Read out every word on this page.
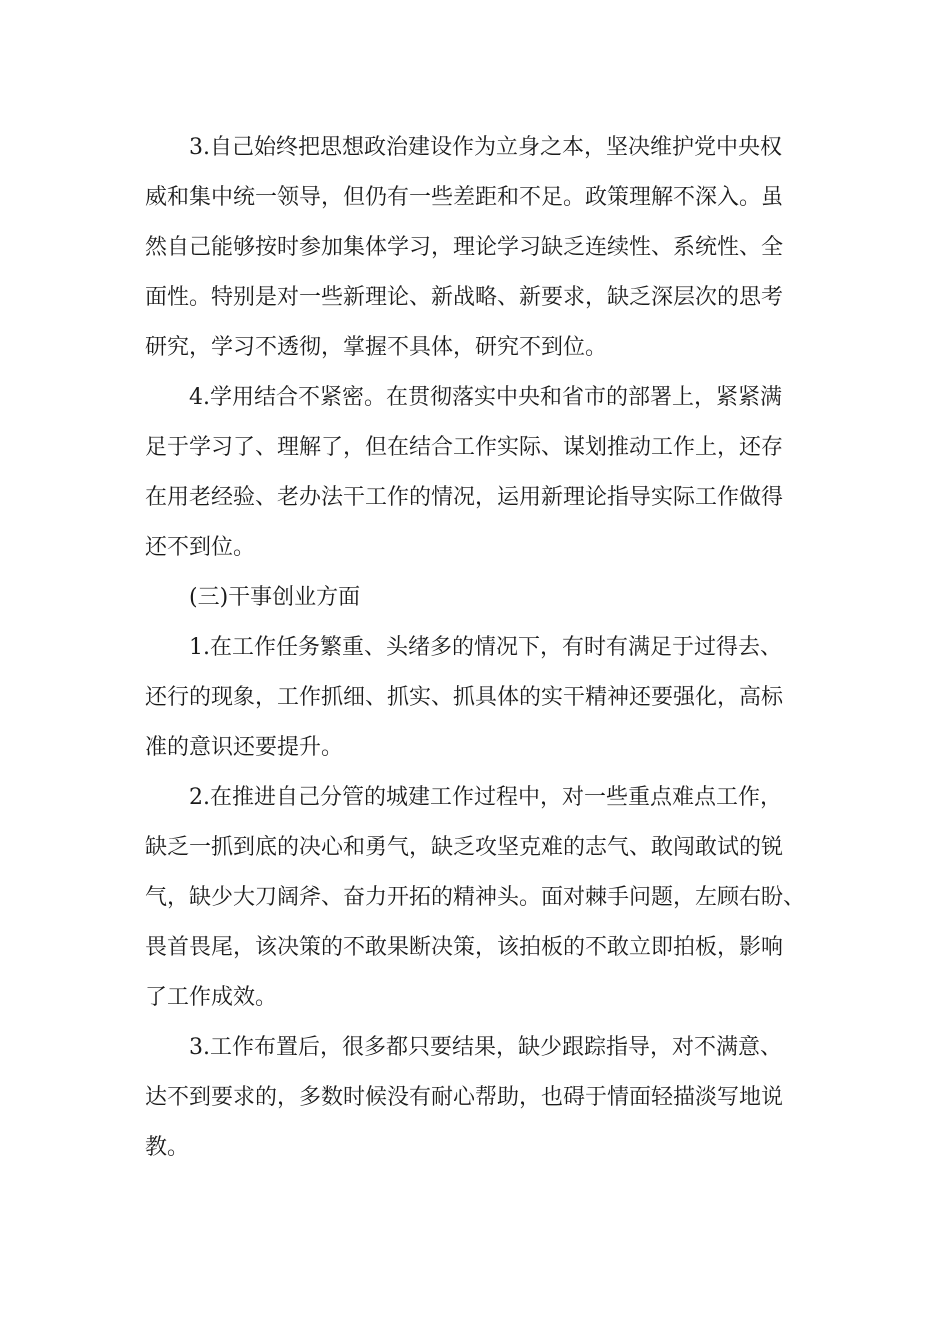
3.自己始终把思想政治建设作为立身之本，坚决维护党中央权
威和集中统一领导，但仍有一些差距和不足。政策理解不深入。虽
然自己能够按时参加集体学习，理论学习缺乏连续性、系统性、全
面性。特别是对一些新理论、新战略、新要求，缺乏深层次的思考
研究，学习不透彻，掌握不具体，研究不到位。
4.学用结合不紧密。在贯彻落实中央和省市的部署上，紧紧满
足于学习了、理解了，但在结合工作实际、谋划推动工作上，还存
在用老经验、老办法干工作的情况，运用新理论指导实际工作做得
还不到位。
(三)干事创业方面
1.在工作任务繁重、头绪多的情况下，有时有满足于过得去、
还行的现象，工作抓细、抓实、抓具体的实干精神还要强化，高标
准的意识还要提升。
2.在推进自己分管的城建工作过程中，对一些重点难点工作，
缺乏一抓到底的决心和勇气，缺乏攻坚克难的志气、敢闯敢试的锐
气，缺少大刀阔斧、奋力开拓的精神头。面对棘手问题，左顾右盼、
畏首畏尾，该决策的不敢果断决策，该拍板的不敢立即拍板，影响
了工作成效。
3.工作布置后，很多都只要结果，缺少跟踪指导，对不满意、
达不到要求的，多数时候没有耐心帮助，也碍于情面轻描淡写地说
教。
